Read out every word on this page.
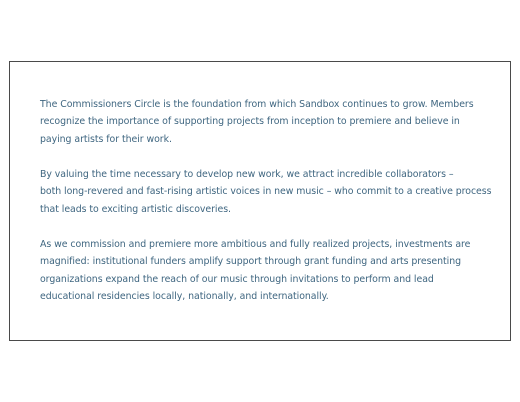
The Commissioners Circle is the foundation from which Sandbox continues to grow. Members
recognize the importance of supporting projects from inception to premiere and believe in
paying artists for their work.

By valuing the time necessary to develop new work, we attract incredible collaborators –
both long-revered and fast-rising artistic voices in new music – who commit to a creative process
that leads to exciting artistic discoveries.

As we commission and premiere more ambitious and fully realized projects, investments are
magnified: institutional funders amplify support through grant funding and arts presenting
organizations expand the reach of our music through invitations to perform and lead
educational residencies locally, nationally, and internationally.
